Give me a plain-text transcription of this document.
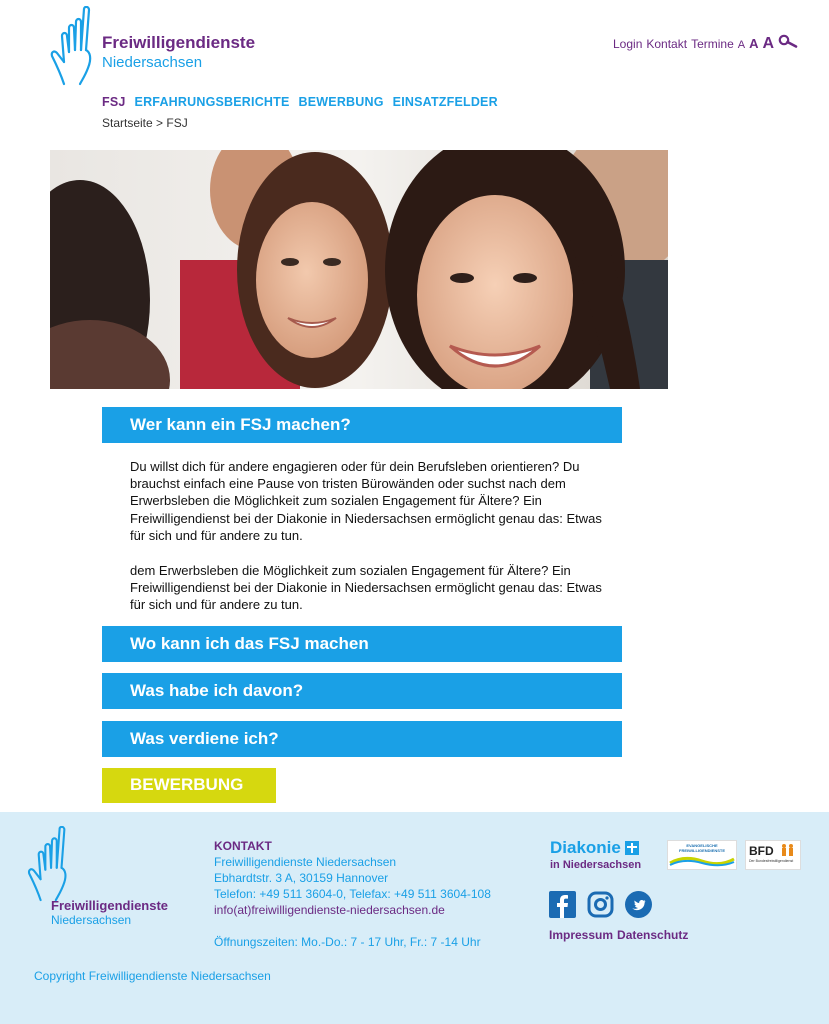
Freiwilligendienste
Niedersachsen
Login Kontakt Termine A A A
FSJ ERFAHRUNGSBERICHTE BEWERBUNG EINSATZFELDER
Startseite > FSJ
Wer kann ein FSJ machen?
Du willst dich für andere engagieren oder für dein Berufsleben orientieren? Du brauchst einfach eine Pause von tristen Bürowänden oder suchst nach dem Erwerbsleben die Möglichkeit zum sozialen Engagement für Ältere? Ein Freiwilligendienst bei der Diakonie in Niedersachsen ermöglicht genau das: Etwas für sich und für andere zu tun.
dem Erwerbsleben die Möglichkeit zum sozialen Engagement für Ältere? Ein Freiwilligendienst bei der Diakonie in Niedersachsen ermöglicht genau das: Etwas für sich und für andere zu tun.
Wo kann ich das FSJ machen
Was habe ich davon?
Was verdiene ich?
BEWERBUNG
Freiwilligendienste
Niedersachsen
KONTAKT
Freiwilligendienste Niedersachsen
Ebhardtstr. 3 A, 30159 Hannover
Telefon: +49 511 3604-0, Telefax: +49 511 3604-108
info(at)freiwilligendienste-niedersachsen.de
Öffnungszeiten: Mo.-Do.: 7 - 17 Uhr, Fr.: 7 -14 Uhr
Diakonie
in Niedersachsen
EVANGELISCHE FREIWILLIGENDIENSTE	BFD
Der Bundesfreiwilligendienst
Impressum Datenschutz
Copyright Freiwilligendienste Niedersachsen
